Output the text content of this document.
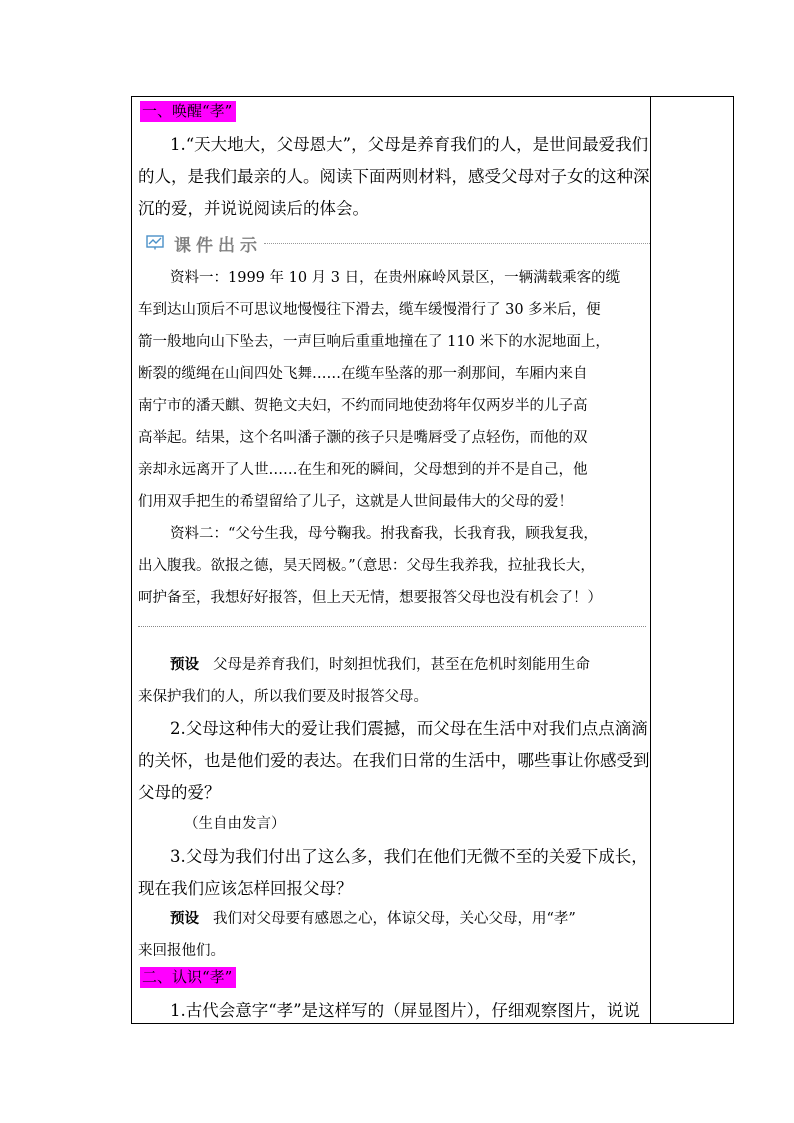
一、唤醒“孝”
1.“天大地大，父母恩大”，父母是养育我们的人，是世间最爱我们
的人，是我们最亲的人。阅读下面两则材料，感受父母对子女的这种深
沉的爱，并说说阅读后的体会。
课件出示
资料一：1999 年 10 月 3 日，在贵州麻岭风景区，一辆满载乘客的缆
车到达山顶后不可思议地慢慢往下滑去，缆车缓慢滑行了 30 多米后，便
箭一般地向山下坠去，一声巨响后重重地撞在了 110 米下的水泥地面上，
断裂的缆绳在山间四处飞舞……在缆车坠落的那一刹那间，车厢内来自
南宁市的潘天麒、贺艳文夫妇，不约而同地使劲将年仅两岁半的儿子高
高举起。结果，这个名叫潘子灏的孩子只是嘴唇受了点轻伤，而他的双
亲却永远离开了人世……在生和死的瞬间，父母想到的并不是自己，他
们用双手把生的希望留给了儿子，这就是人世间最伟大的父母的爱！
资料二：“父兮生我，母兮鞠我。拊我畜我，长我育我，顾我复我，
出入腹我。欲报之德，昊天罔极。”（意思：父母生我养我，拉扯我长大，
呵护备至，我想好好报答，但上天无情，想要报答父母也没有机会了！）
预设 父母是养育我们，时刻担忧我们，甚至在危机时刻能用生命
来保护我们的人，所以我们要及时报答父母。
2.父母这种伟大的爱让我们震撼，而父母在生活中对我们点点滴滴
的关怀，也是他们爱的表达。在我们日常的生活中，哪些事让你感受到
父母的爱？
（生自由发言）
3.父母为我们付出了这么多，我们在他们无微不至的关爱下成长，
现在我们应该怎样回报父母？
预设 我们对父母要有感恩之心，体谅父母，关心父母，用“孝”
来回报他们。
二、认识“孝”
1.古代会意字“孝”是这样写的（屏显图片），仔细观察图片，说说
